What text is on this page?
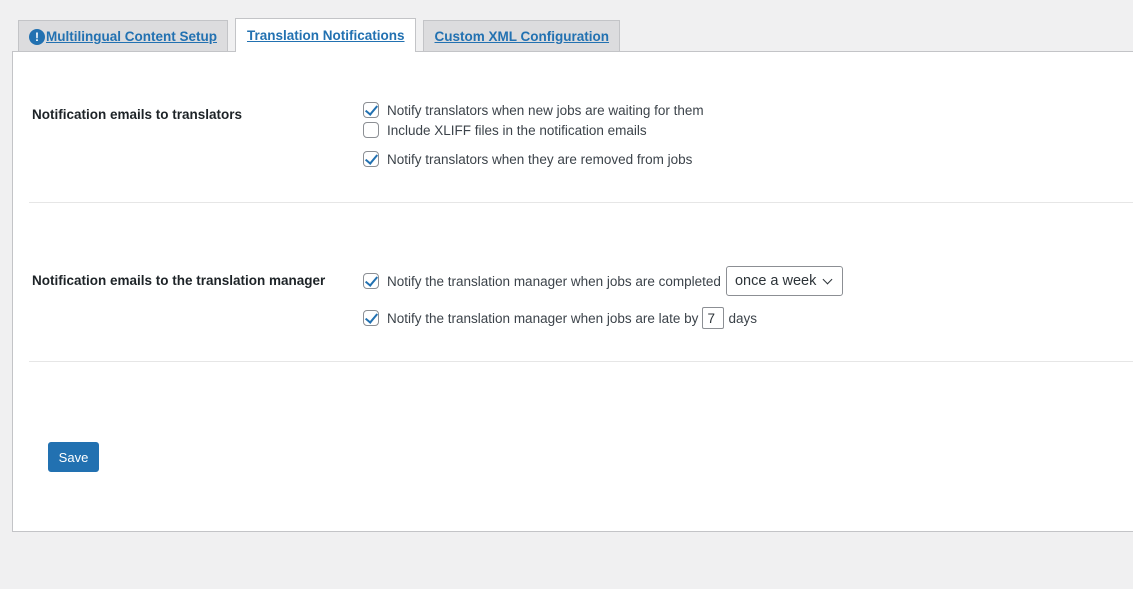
! Multilingual Content Setup Translation Notifications Custom XML Configuration
Notification emails to translators	Notify translators when new jobs are waiting for them
Include XLIFF files in the notification emails
Notify translators when they are removed from jobs
Notification emails to the translation manager	Notify the translation manager when jobs are completed once a week
Notify the translation manager when jobs are late by
7 days
Save
